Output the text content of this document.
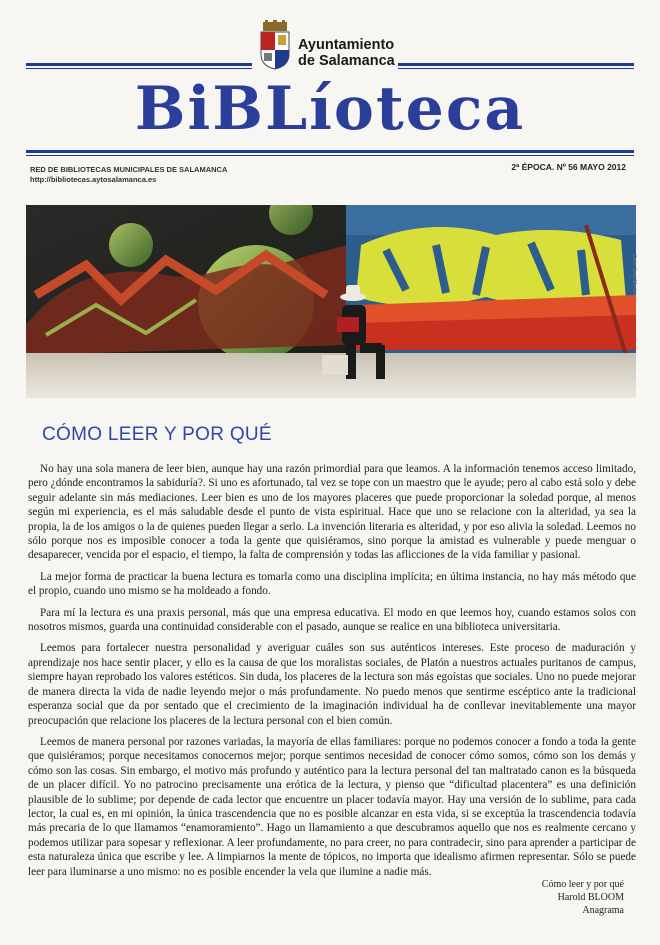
Ayuntamiento
de Salamanca
BiBLíoteca
RED DE BIBLIOTECAS MUNICIPALES DE SALAMANCA
http://bibliotecas.aytosalamanca.es
2ª ÉPOCA. Nº 56 MAYO 2012
Foto: José Martín
CÓMO LEER Y POR QUÉ

No hay una sola manera de leer bien, aunque hay una razón primordial para que leamos. A la información tenemos acceso limitado, pero ¿dónde encontramos la sabiduría?. Si uno es afortunado, tal vez se tope con un maestro que le ayude; pero al cabo está solo y debe seguir adelante sin más mediaciones. Leer bien es uno de los mayores placeres que puede proporcionar la soledad porque, al menos según mi experiencia, es el más saludable desde el punto de vista espiritual. Hace que uno se relacione con la alteridad, ya sea la propia, la de los amigos o la de quienes pueden llegar a serlo. La invención literaria es alteridad, y por eso alivia la soledad. Leemos no sólo porque nos es imposible conocer a toda la gente que quisiéramos, sino porque la amistad es vulnerable y puede menguar o desaparecer, vencida por el espacio, el tiempo, la falta de comprensión y todas las aflicciones de la vida familiar y pasional.

La mejor forma de practicar la buena lectura es tomarla como una disciplina implícita; en última instancia, no hay más método que el propio, cuando uno mismo se ha moldeado a fondo.

Para mí la lectura es una praxis personal, más que una empresa educativa. El modo en que leemos hoy, cuando estamos solos con nosotros mismos, guarda una continuidad considerable con el pasado, aunque se realice en una biblioteca universitaria.

Leemos para fortalecer nuestra personalidad y averiguar cuáles son sus auténticos intereses. Este proceso de maduración y aprendizaje nos hace sentir placer, y ello es la causa de que los moralistas sociales, de Platón a nuestros actuales puritanos de campus, siempre hayan reprobado los valores estéticos. Sin duda, los placeres de la lectura son más egoístas que sociales. Uno no puede mejorar de manera directa la vida de nadie leyendo mejor o más profundamente. No puedo menos que sentirme escéptico ante la tradicional esperanza social que da por sentado que el crecimiento de la imaginación individual ha de conllevar inevitablemente una mayor preocupación que relacione los placeres de la lectura personal con el bien común.

Leemos de manera personal por razones variadas, la mayoría de ellas familiares: porque no podemos conocer a fondo a toda la gente que quisiéramos; porque necesitamos conocernos mejor; porque sentimos necesidad de conocer cómo somos, cómo son los demás y cómo son las cosas. Sin embargo, el motivo más profundo y auténtico para la lectura personal del tan maltratado canon es la búsqueda de un placer difícil. Yo no patrocino precisamente una erótica de la lectura, y pienso que “dificultad placentera” es una definición plausible de lo sublime; por depende de cada lector que encuentre un placer todavía mayor. Hay una versión de lo sublime, para cada lector, la cual es, en mi opinión, la única trascendencia que no es posible alcanzar en esta vida, si se exceptúa la trascendencia todavía más precaria de lo que llamamos “enamoramiento”. Hago un llamamiento a que descubramos aquello que nos es realmente cercano y podemos utilizar para sopesar y reflexionar. A leer profundamente, no para creer, no para contradecir, sino para aprender a participar de esta naturaleza única que escribe y lee. A limpiarnos la mente de tópicos, no importa que idealismo afirmen representar. Sólo se puede leer para iluminarse a uno mismo: no es posible encender la vela que ilumine a nadie más.

Cómo leer y por qué
Harold BLOOM
Anagrama
